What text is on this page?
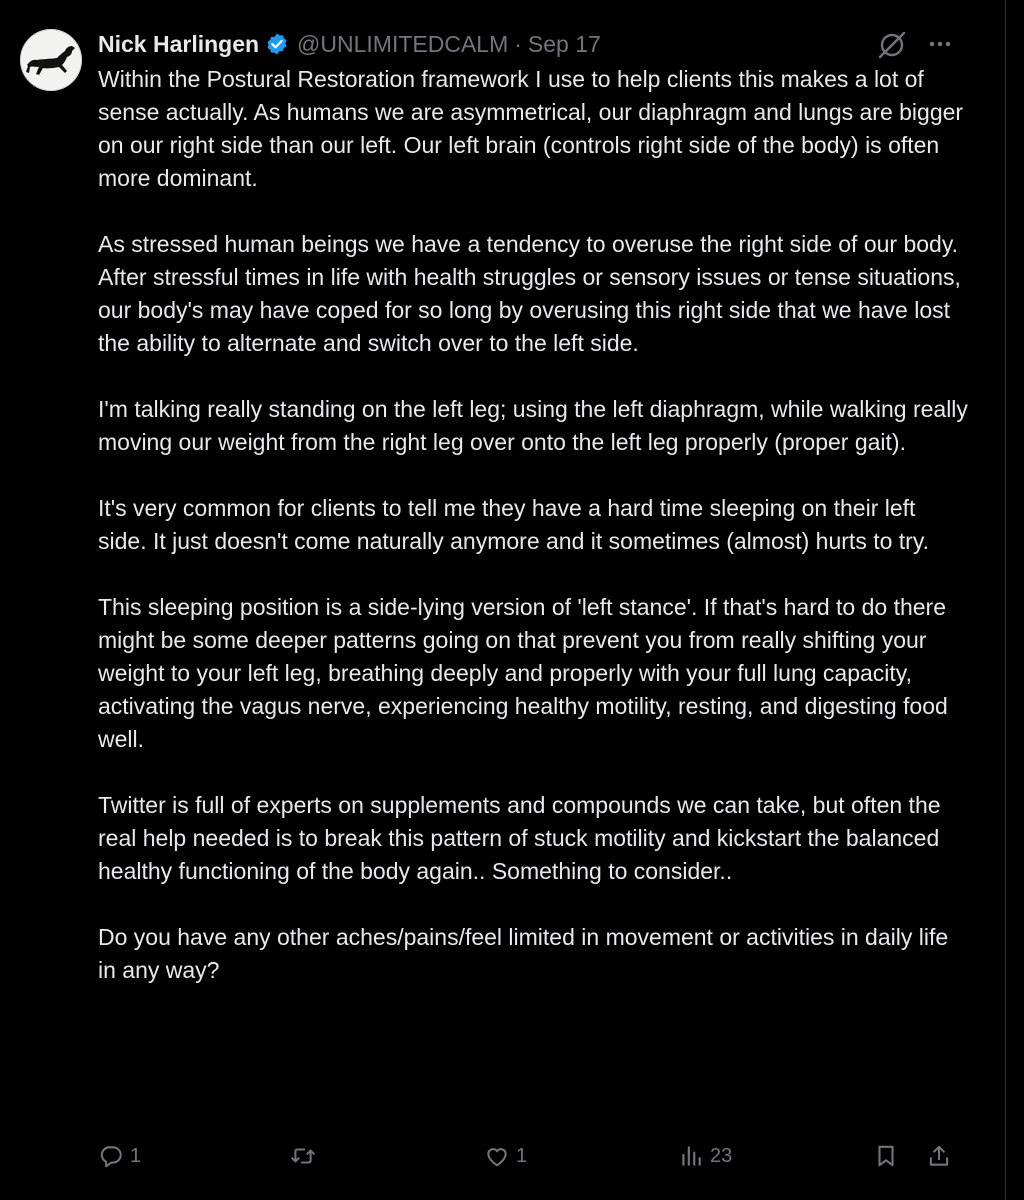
Nick Harlingen @UNLIMITEDCALM · Sep 17

Within the Postural Restoration framework I use to help clients this makes a lot of sense actually. As humans we are asymmetrical, our diaphragm and lungs are bigger on our right side than our left. Our left brain (controls right side of the body) is often more dominant.

As stressed human beings we have a tendency to overuse the right side of our body. After stressful times in life with health struggles or sensory issues or tense situations, our body's may have coped for so long by overusing this right side that we have lost the ability to alternate and switch over to the left side.

I'm talking really standing on the left leg; using the left diaphragm, while walking really moving our weight from the right leg over onto the left leg properly (proper gait).

It's very common for clients to tell me they have a hard time sleeping on their left side. It just doesn't come naturally anymore and it sometimes (almost) hurts to try.

This sleeping position is a side-lying version of 'left stance'. If that's hard to do there might be some deeper patterns going on that prevent you from really shifting your weight to your left leg, breathing deeply and properly with your full lung capacity, activating the vagus nerve, experiencing healthy motility, resting, and digesting food well.

Twitter is full of experts on supplements and compounds we can take, but often the real help needed is to break this pattern of stuck motility and kickstart the balanced healthy functioning of the body again.. Something to consider..

Do you have any other aches/pains/feel limited in movement or activities in daily life in any way?

1	1	23
